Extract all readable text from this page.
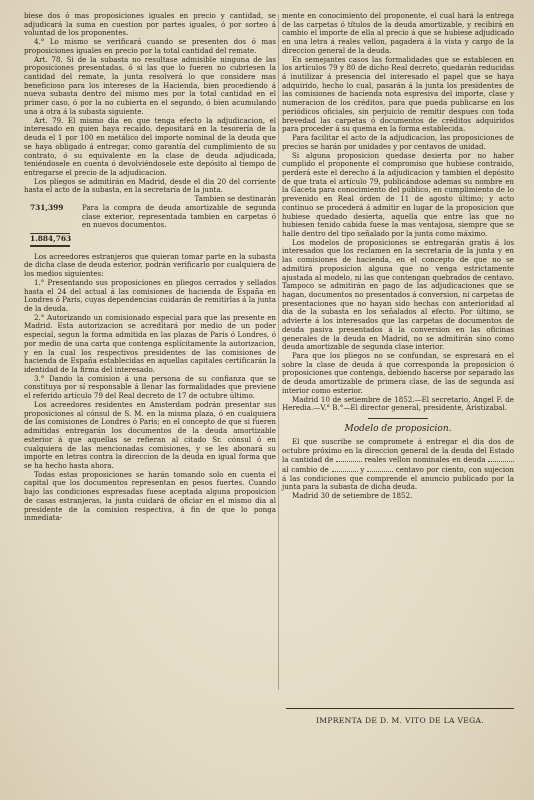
biese dos ó mas proposiciones iguales en precio y cantidad, se adjudicará la suma en cuestion por partes iguales, ó por sorteo á voluntad de los proponentes.

4.° Lo mismo se verificará cuando se presenten dos ó mas proposiciones iguales en precio por la total cantidad del remate.

Art. 78. Si de la subasta no resultase admisible ninguna de las proposiciones presentadas, ó si las que lo fueren no cubriesen la cantidad del remate, la junta resolverá lo que considere mas beneficioso para los intereses de la Hacienda, bien procediendo á nueva subasta dentro del mismo mes por la total cantidad en el primer caso, ó por la no cubierta en el segundo, ó bien acumulando una á otra á la subasta siguiente.

Art. 79. El mismo dia en que tenga efecto la adjudicacion, el interesado en quien haya recaido, depositará en la tesorería de la deuda el 1 por 100 en metálico del importe nominal de la deuda que se haya obligado á entregar, como garantía del cumplimiento de su contrato, ó su equivalente en la clase de deuda adjudicada, teniéndosele en cuenta ó devolviéndosele este depósito al tiempo de entregarse el precio de la adjudicacion.

Los pliegos se admitirán en Madrid, desde el dia 20 del corriente hasta el acto de la subasta, en la secretaría de la junta.

Tambien se destinarán

731,399	Para la compra de deuda amortizable de segunda clase exterior, representada tambien en carpetas ó en nuevos documentos.

1.884,763

Los acreedores estranjeros que quieran tomar parte en la subasta de dicha clase de deuda esterior, podrán verificarlo por cualquiera de los medios siguientes:

1.° Presentando sus proposiciones en pliegos cerrados y sellados hasta el 24 del actual á las comisiones de hacienda de España en Londres ó Paris, cuyas dependencias cuidarán de remitirlas á la junta de la deuda.

2.° Autorizando un comisionado especial para que las presente en Madrid. Esta autorizacion se acreditará por medio de un poder especial, segun la forma admitida en las plazas de Paris ó Londres, ó por medio de una carta que contenga esplícitamente la autorizacion, y en la cual los respectivos presidentes de las comisiones de hacienda de España establecidas en aquellas capitales certificarán la identidad de la firma del interesado.

3.° Dando la comision á una persona de su confianza que se constituya por sí responsable á llenar las formalidades que previene el referido artículo 79 del Real decreto de 17 de octubre último.

Los acreedores residentes en Amsterdam podrán presentar sus proposiciones al cónsul de S. M. en la misma plaza, ó en cualquiera de las comisiones de Londres ó Paris; en el concepto de que si fueren admitidas entregarán los documentos de la deuda amortizable esterior á que aquellas se refieran al citado Sr. cónsul ó en cualquiera de las mencionadas comisiones, y se les abonará su importe en letras contra la direccion de la deuda en igual forma que se ha hecho hasta ahora.

Todas estas proposiciones se harán tomando solo en cuenta el capital que los documentos representan en pesos fuertes. Cuando bajo las condiciones espresadas fuese aceptada alguna proposicion de casas estranjeras, la junta cuidará de oficiar en el mismo dia al presidente de la comision respectiva, á fin de que lo ponga inmediata-

mente en conocimiento del proponente, el cual hará la entrega de las carpetas ó títulos de la deuda amortizable, y recibirá en cambio el importe de ella al precio á que se hubiese adjudicado en una letra á reales vellon, pagadera á la vista y cargo de la direccion general de la deuda.

En semejantes casos las formalidades que se establecen en los artículos 79 y 80 de dicho Real decreto, quedarán reducidas á inutilizar á presencia del interesado el papel que se haya adquirido, hecho lo cual, pasarán á la junta los presidentes de las comisiones de hacienda nota espresiva del importe, clase y numeracion de los créditos, para que pueda publicarse en los periódicos oficiales, sin perjuicio de remitir despues con toda brevedad las carpetas ó documentos de créditos adquiridos para proceder á su quema en la forma establecida.

Para facilitar el acto de la adjudicacion, las proposiciones de precios se harán por unidades y por centavos de unidad.

Si alguna proposicion quedase desierta por no haber cumplido el proponente el compromiso que hubiese contraido, perderá este el derecho á la adjudicacion y tambien el depósito de que trata el artículo 79, publicándose ademas su nombre en la Gaceta para conocimiento del público, en cumplimiento de lo prevenido en Real órden de 11 de agosto último; y acto continuo se procederá á admitir en lugar de la proposicion que hubiese quedado desierta, aquella que entre las que no hubiesen tenido cabida fuese la mas ventajosa, siempre que se halle dentro del tipo señalado por la junta como máximo.

Los modelos de proposiciones se entregarán gratis á los interesados que los reclamen en la secretaría de la junta y en las comisiones de hacienda, en el concepto de que no se admitirá proposicion alguna que no venga estrictamente ajustada al modelo, ni las que contengan quebrados de centavo. Tampoco se admitirán en pago de las adjudicaciones que se hagan, documentos no presentados á conversion, ni carpetas de presentaciones que no hayan sido hechas con anterioridad al dia de la subasta en los señalados al efecto. Por último, se advierte á los interesados que las carpetas de documentos de deuda pasiva presentados á la conversion en las oficinas generales de la deuda en Madrid, no se admitirán sino como deuda amortizable de segunda clase interior.

Para que los pliegos no se confundan, se espresará en el sobre la clase de deuda á que corresponda la proposicion ó proposiciones que contenga, debiendo hacerse por separado las de deuda amortizable de primera clase, de las de segunda así interior como esterior.

Madrid 10 de setiembre de 1852.—El secretario, Angel F. de Heredia.—V.° B.°—El director general, presidente, Aristizabal.

Modelo de proposicion.

El que suscribe se compromete á entregar el dia dos de octubre próximo en la direccion general de la deuda del Estado la cantidad de	reales vellon nominales en deuda  al cambio de	y	centavo por ciento, con sujecion á las condiciones que comprende el anuncio publicado por la junta para la subasta de dicha deuda.

Madrid 30 de setiembre de 1852.

IMPRENTA DE D. M. VITO DE LA VEGA.
